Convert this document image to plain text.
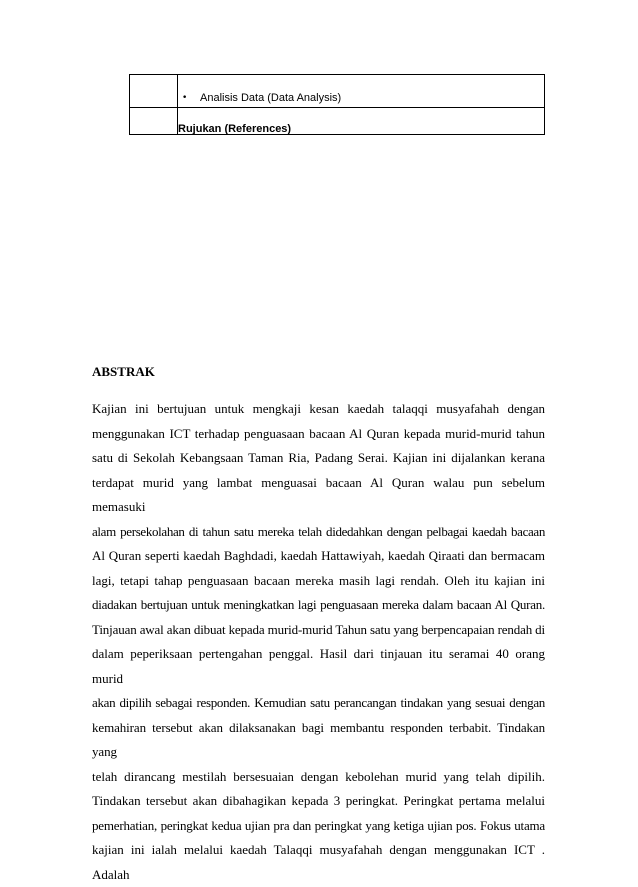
• Analisis Data (Data Analysis)
Rujukan (References)
ABSTRAK
Kajian ini bertujuan untuk mengkaji kesan kaedah talaqqi musyafahah dengan
menggunakan ICT terhadap penguasaan bacaan Al Quran kepada murid-murid tahun
satu di Sekolah Kebangsaan Taman Ria, Padang Serai. Kajian ini dijalankan kerana
terdapat murid yang lambat menguasai bacaan Al Quran walau pun sebelum memasuki
alam persekolahan di tahun satu mereka telah didedahkan dengan pelbagai kaedah bacaan
Al Quran seperti kaedah Baghdadi, kaedah Hattawiyah, kaedah Qiraati dan bermacam
lagi, tetapi tahap penguasaan bacaan mereka masih lagi rendah. Oleh itu kajian ini
diadakan bertujuan untuk meningkatkan lagi penguasaan mereka dalam bacaan Al Quran.
Tinjauan awal akan dibuat kepada murid-murid Tahun satu yang berpencapaian rendah di
dalam peperiksaan pertengahan penggal. Hasil dari tinjauan itu seramai 40 orang murid
akan dipilih sebagai responden. Kemudian satu perancangan tindakan yang sesuai dengan
kemahiran tersebut akan dilaksanakan bagi membantu responden terbabit. Tindakan yang
telah dirancang mestilah bersesuaian dengan kebolehan murid yang telah dipilih.
Tindakan tersebut akan dibahagikan kepada 3 peringkat. Peringkat pertama melalui
pemerhatian, peringkat kedua ujian pra dan peringkat yang ketiga ujian pos. Fokus utama
kajian ini ialah melalui kaedah Talaqqi musyafahah dengan menggunakan ICT . Adalah
